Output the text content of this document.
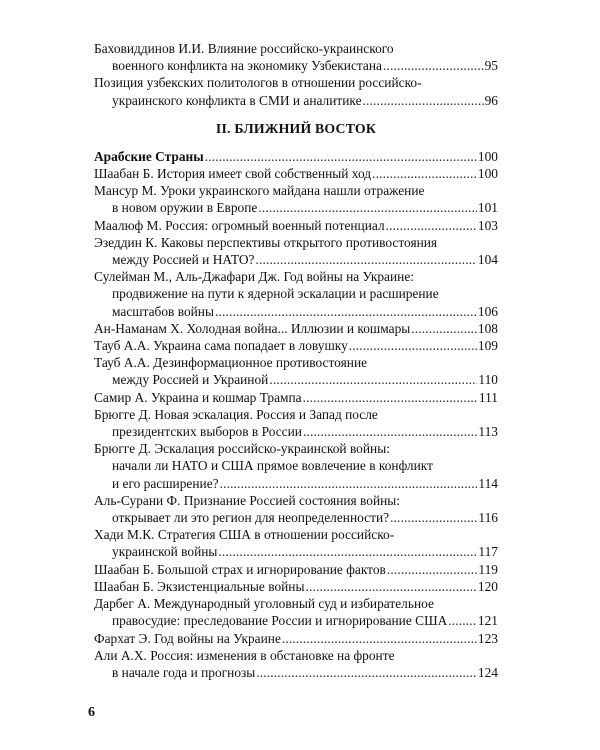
Баховиддинов И.И. Влияние российско-украинского
военного конфликта на экономику Узбекистана . . .	95
Позиция узбекских политологов в отношении российско-
украинского конфликта в СМИ и аналитике . . .	96
II. БЛИЖНИЙ ВОСТОК
Арабские Страны . . .	100
Шаабан Б. История имеет свой собственный ход . . .	100
Мансур М. Уроки украинского майдана нашли отражение
в новом оружии в Европе . . .	101
Маалюф М. Россия: огромный военный потенциал . . .	103
Эзеддин К. Каковы перспективы открытого противостояния
между Россией и НАТО? . . .	104
Сулейман М., Аль-Джафари Дж. Год войны на Украине:
продвижение на пути к ядерной эскалации и расширение
масштабов войны . . .	106
Ан-Наманам Х. Холодная война... Иллюзии и кошмары . . .	108
Тауб А.А. Украина сама попадает в ловушку . . .	109
Тауб А.А. Дезинформационное противостояние
между Россией и Украиной . . .	110
Самир А. Украина и кошмар Трампа . . .	111
Брюгге Д. Новая эскалация. Россия и Запад после
президентских выборов в России . . .	113
Брюгге Д. Эскалация российско-украинской войны:
начали ли НАТО и США прямое вовлечение в конфликт
и его расширение? . . .	114
Аль-Сурани Ф. Признание Россией состояния войны:
открывает ли это регион для неопределенности? . . .	116
Хади М.К. Стратегия США в отношении российско-
украинской войны . . .	117
Шаабан Б. Большой страх и игнорирование фактов . . .	119
Шаабан Б. Экзистенциальные войны . . .	120
Дарбег А. Международный уголовный суд и избирательное
правосудие: преследование России и игнорирование США . . . 121
Фархат Э. Год войны на Украине . . .	123
Али А.Х. Россия: изменения в обстановке на фронте
в начале года и прогнозы . . .	124
6
